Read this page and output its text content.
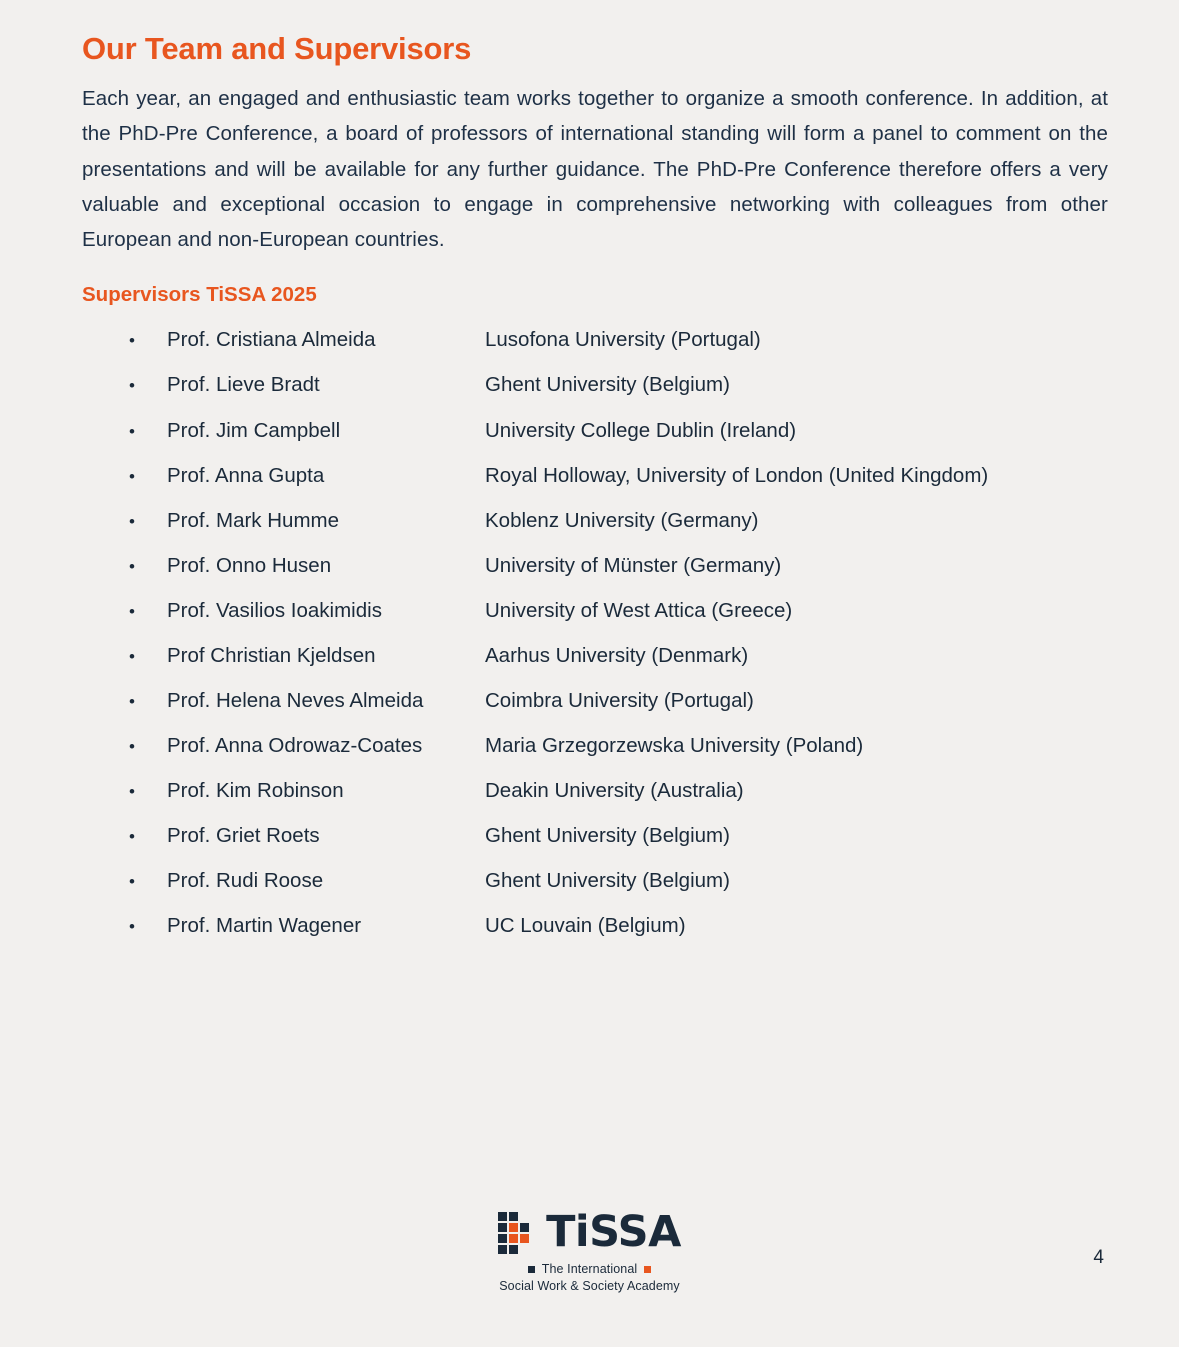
Our Team and Supervisors

Each year, an engaged and enthusiastic team works together to organize a smooth conference. In addition, at the PhD-Pre Conference, a board of professors of international standing will form a panel to comment on the presentations and will be available for any further guidance. The PhD-Pre Conference therefore offers a very valuable and exceptional occasion to engage in comprehensive networking with colleagues from other European and non-European countries.

Supervisors TiSSA 2025
•	Prof. Cristiana Almeida	Lusofona University (Portugal)
•	Prof. Lieve Bradt	Ghent University (Belgium)
•	Prof. Jim Campbell	University College Dublin (Ireland)
•	Prof. Anna Gupta	Royal Holloway, University of London (United Kingdom)
•	Prof. Mark Humme	Koblenz University (Germany)
•	Prof. Onno Husen	University of Münster (Germany)
•	Prof. Vasilios Ioakimidis	University of West Attica (Greece)
•	Prof Christian Kjeldsen	Aarhus University (Denmark)
•	Prof. Helena Neves Almeida	Coimbra University (Portugal)
•	Prof. Anna Odrowaz-Coates	Maria Grzegorzewska University (Poland)
•	Prof. Kim Robinson	Deakin University (Australia)
•	Prof. Griet Roets	Ghent University (Belgium)
•	Prof. Rudi Roose	Ghent University (Belgium)
•	Prof. Martin Wagener	UC Louvain (Belgium)
TiSSA
The International
Social Work & Society Academy
4
